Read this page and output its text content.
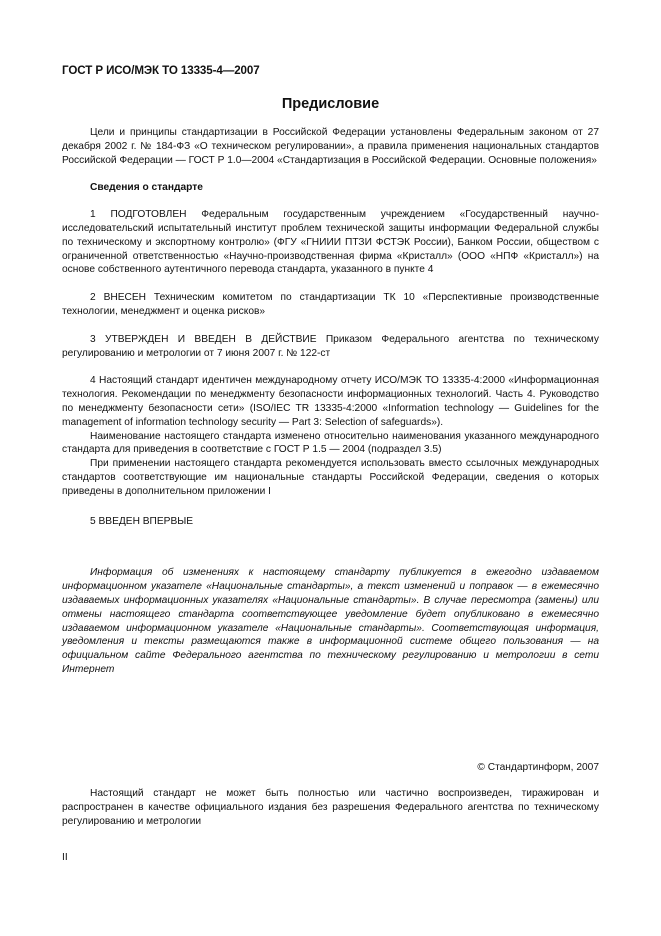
ГОСТ Р ИСО/МЭК ТО 13335-4—2007
Предисловие

Цели и принципы стандартизации в Российской Федерации установлены Федеральным законом от 27 декабря 2002 г. № 184-ФЗ «О техническом регулировании», а правила применения национальных стандартов Российской Федерации — ГОСТ Р 1.0—2004 «Стандартизация в Российской Федерации. Основные положения»

Сведения о стандарте

1 ПОДГОТОВЛЕН Федеральным государственным учреждением «Государственный научно-исследовательский испытательный институт проблем технической защиты информации Федеральной службы по техническому и экспортному контролю» (ФГУ «ГНИИИ ПТЗИ ФСТЭК России), Банком России, обществом с ограниченной ответственностью «Научно-производственная фирма «Кристалл» (ООО «НПФ «Кристалл») на основе собственного аутентичного перевода стандарта, указанного в пункте 4

2 ВНЕСЕН Техническим комитетом по стандартизации ТК 10 «Перспективные производственные технологии, менеджмент и оценка рисков»

3 УТВЕРЖДЕН И ВВЕДЕН В ДЕЙСТВИЕ Приказом Федерального агентства по техническому регулированию и метрологии от 7 июня 2007 г. № 122-ст

4 Настоящий стандарт идентичен международному отчету ИСО/МЭК ТО 13335-4:2000 «Информационная технология. Рекомендации по менеджменту безопасности информационных технологий. Часть 4. Руководство по менеджменту безопасности сети» (ISO/IEC TR 13335-4:2000 «Information technology — Guidelines for the management of information technology security — Part 3: Selection of safeguards»).

Наименование настоящего стандарта изменено относительно наименования указанного международного стандарта для приведения в соответствие с ГОСТ Р 1.5 — 2004 (подраздел 3.5)

При применении настоящего стандарта рекомендуется использовать вместо ссылочных международных стандартов соответствующие им национальные стандарты Российской Федерации, сведения о которых приведены в дополнительном приложении I

5 ВВЕДЕН ВПЕРВЫЕ

Информация об изменениях к настоящему стандарту публикуется в ежегодно издаваемом информационном указателе «Национальные стандарты», а текст изменений и поправок — в ежемесячно издаваемых информационных указателях «Национальные стандарты». В случае пересмотра (замены) или отмены настоящего стандарта соответствующее уведомление будет опубликовано в ежемесячно издаваемом информационном указателе «Национальные стандарты». Соответствующая информация, уведомления и тексты размещаются также в информационной системе общего пользования — на официальном сайте Федерального агентства по техническому регулированию и метрологии в сети Интернет

© Стандартинформ, 2007

Настоящий стандарт не может быть полностью или частично воспроизведен, тиражирован и распространен в качестве официального издания без разрешения Федерального агентства по техническому регулированию и метрологии

II
